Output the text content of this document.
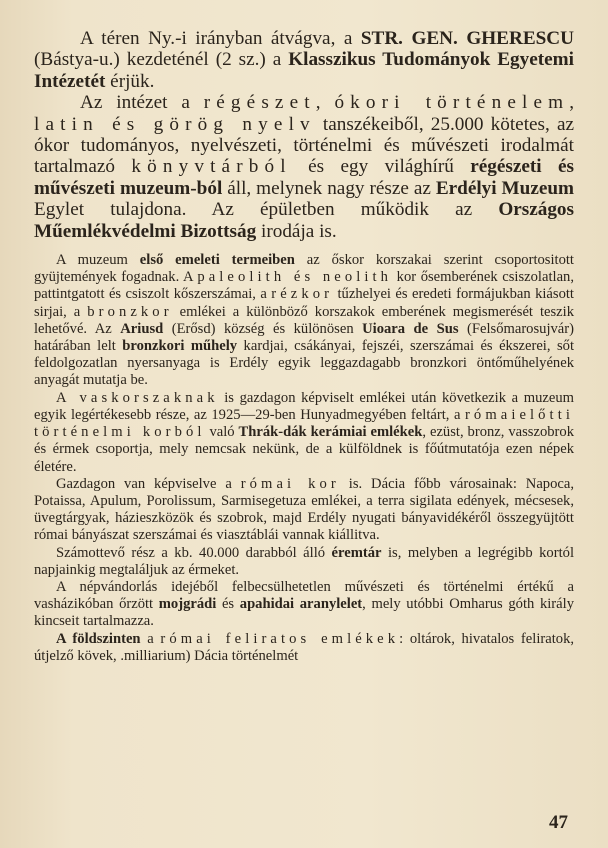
A téren Ny.-i irányban átvágva, a STR. GEN. GHERESCU (Bástya-u.) kezdeténél (2 sz.) a Klasszikus Tudományok Egyetemi Intézetét érjük.

Az intézet a régészet, ókori történelem, latin és görög nyelv tanszékeiből, 25.000 kötetes, az ókor tudományos, nyelvészeti, történelmi és művészeti irodalmát tartalmazó könyvtárból és egy világhírű régészeti és művészeti muzeum-ból áll, melynek nagy része az Erdélyi Muzeum Egylet tulajdona. Az épületben működik az Országos Műemlékvédelmi Bizottság irodája is.

A muzeum első emeleti termeiben az őskor korszakai szerint csoportositott gyüjtemények fogadnak. A paleolith és neolith kor ősemberének csiszolatlan, pattintgatott és csiszolt kőszerszámai, a rézkor tűzhelyei és eredeti formájukban kiásott sirjai, a bronzkor emlékei a különböző korszakok emberének megismerését teszik lehetővé. Az Ariusd (Erősd) község és különösen Uioara de Sus (Felsőmarosujvár) határában lelt bronzkori műhely kardjai, csákányai, fejszéi, szerszámai és ékszerei, sőt feldolgozatlan nyersanyaga is Erdély egyik leggazdagabb bronzkori öntőműhelyének anyagát mutatja be.

A vaskorszaknak is gazdagon képviselt emlékei után következik a muzeum egyik legértékesebb része, az 1925—29-ben Hunyadmegyében feltárt, a rómaielőtti történelmi korból való Thrák-dák kerámiai emlékek, ezüst, bronz, vasszobrok és érmek csoportja, mely nemcsak nekünk, de a külföldnek is főútmutatója ezen népek életére.

Gazdagon van képviselve a római kor is. Dácia főbb városainak: Napoca, Potaissa, Apulum, Porolissum, Sarmisegetuza emlékei, a terra sigilata edények, mécsesek, üvegtárgyak, házieszközök és szobrok, majd Erdély nyugati bányavidékéről összegyüjtött római bányászat szerszámai és viasztáblái vannak kiállitva.

Számottevő rész a kb. 40.000 darabból álló éremtár is, melyben a legrégibb kortól napjainkig megtaláljuk az érmeket.

A népvándorlás idejéből felbecsülhetetlen művészeti és történelmi értékű a vasházikóban őrzött mojgrádi és apahidai aranylelet, mely utóbbi Omharus góth király kincseit tartalmazza.

A földszinten a római feliratos emlékek: oltárok, hivatalos feliratok, útjelző kövek, .milliarium) Dácia történelmét

47
